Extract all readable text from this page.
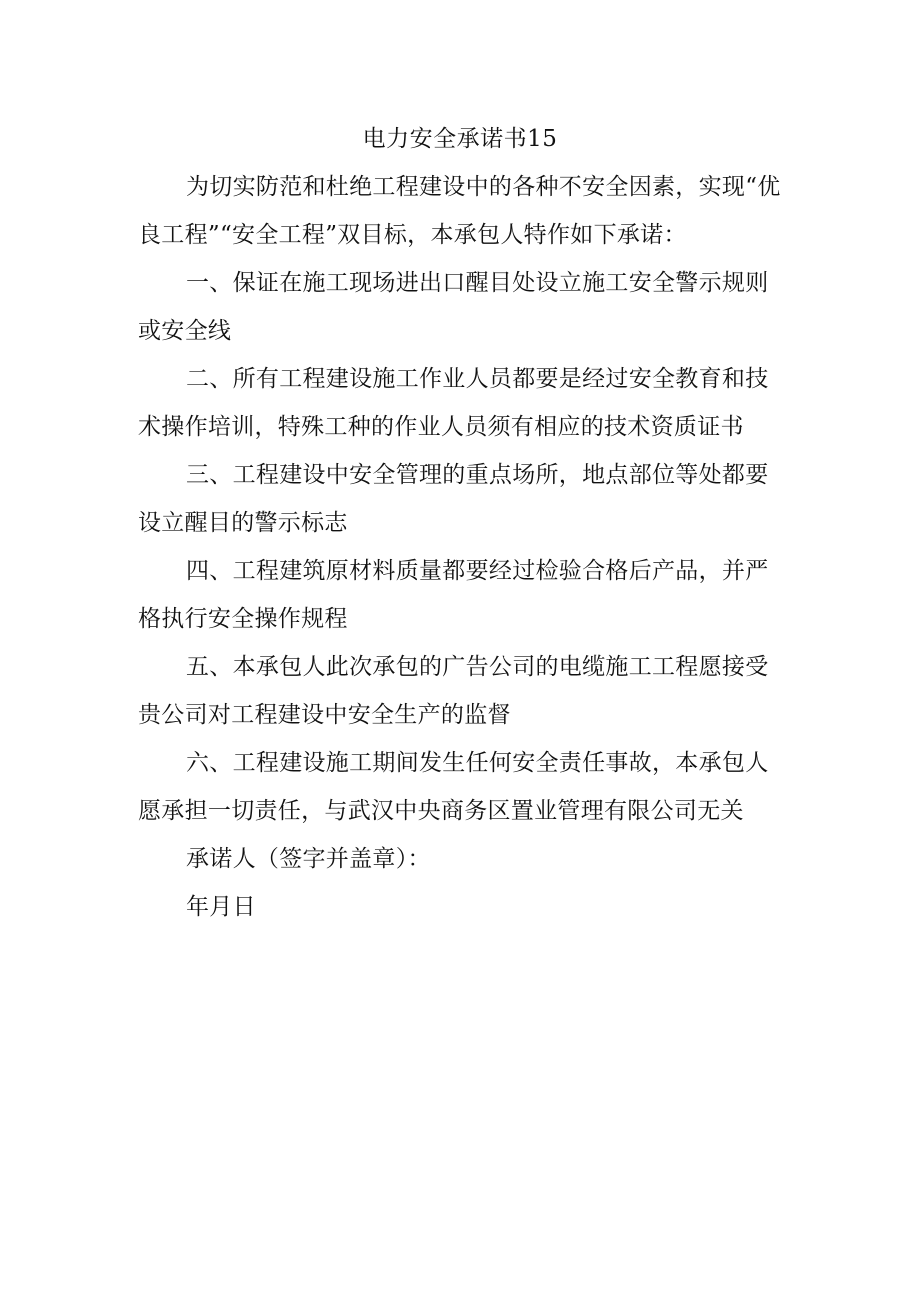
电力安全承诺书15

为切实防范和杜绝工程建设中的各种不安全因素，实现“优良工程”“安全工程”双目标，本承包人特作如下承诺：

一、保证在施工现场进出口醒目处设立施工安全警示规则或安全线

二、所有工程建设施工作业人员都要是经过安全教育和技术操作培训，特殊工种的作业人员须有相应的技术资质证书

三、工程建设中安全管理的重点场所，地点部位等处都要设立醒目的警示标志

四、工程建筑原材料质量都要经过检验合格后产品，并严格执行安全操作规程

五、本承包人此次承包的广告公司的电缆施工工程愿接受贵公司对工程建设中安全生产的监督

六、工程建设施工期间发生任何安全责任事故，本承包人愿承担一切责任，与武汉中央商务区置业管理有限公司无关

承诺人（签字并盖章）：

年月日
